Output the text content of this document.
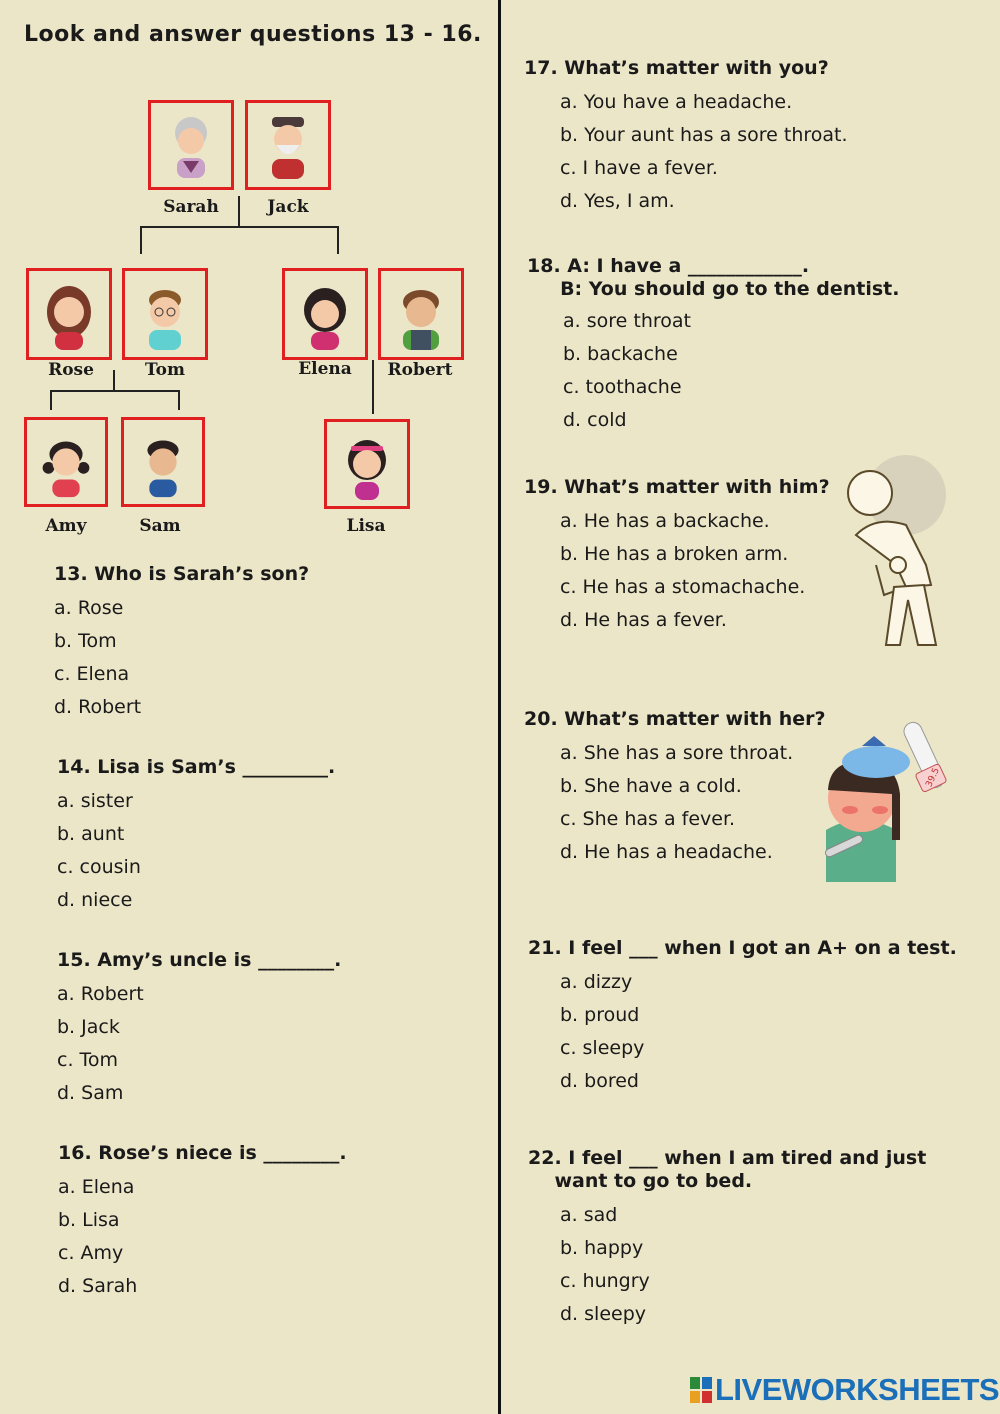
Look and answer questions 13 - 16.
Sarah	Jack
Rose	Tom	Elena	Robert
Amy	Sam	Lisa
13. Who is Sarah’s son?
a. Rose
b. Tom
c. Elena
d. Robert
14. Lisa is Sam’s _________.
a. sister
b. aunt
c. cousin
d. niece
15. Amy’s uncle is ________.
a. Robert
b. Jack
c. Tom
d. Sam
16. Rose’s niece is ________.
a. Elena
b. Lisa
c. Amy
d. Sarah
17. What’s matter with you?
a. You have a headache.
b. Your aunt has a sore throat.
c. I have a fever.
d. Yes, I am.
18. A: I have a ____________.
B: You should go to the dentist.
a. sore throat
b. backache
c. toothache
d. cold
19. What’s matter with him?
a. He has a backache.
b. He has a broken arm.
c. He has a stomachache.
d. He has a fever.
20. What’s matter with her?
a. She has a sore throat.
b. She have a cold.
c. She has a fever.
d. He has a headache.
21. I feel ___ when I got an A+ on a test.
a. dizzy
b. proud
c. sleepy
d. bored
22. I feel ___ when I am tired and just
want to go to bed.
a. sad
b. happy
c. hungry
d. sleepy
39.5
LIVEWORKSHEETS
